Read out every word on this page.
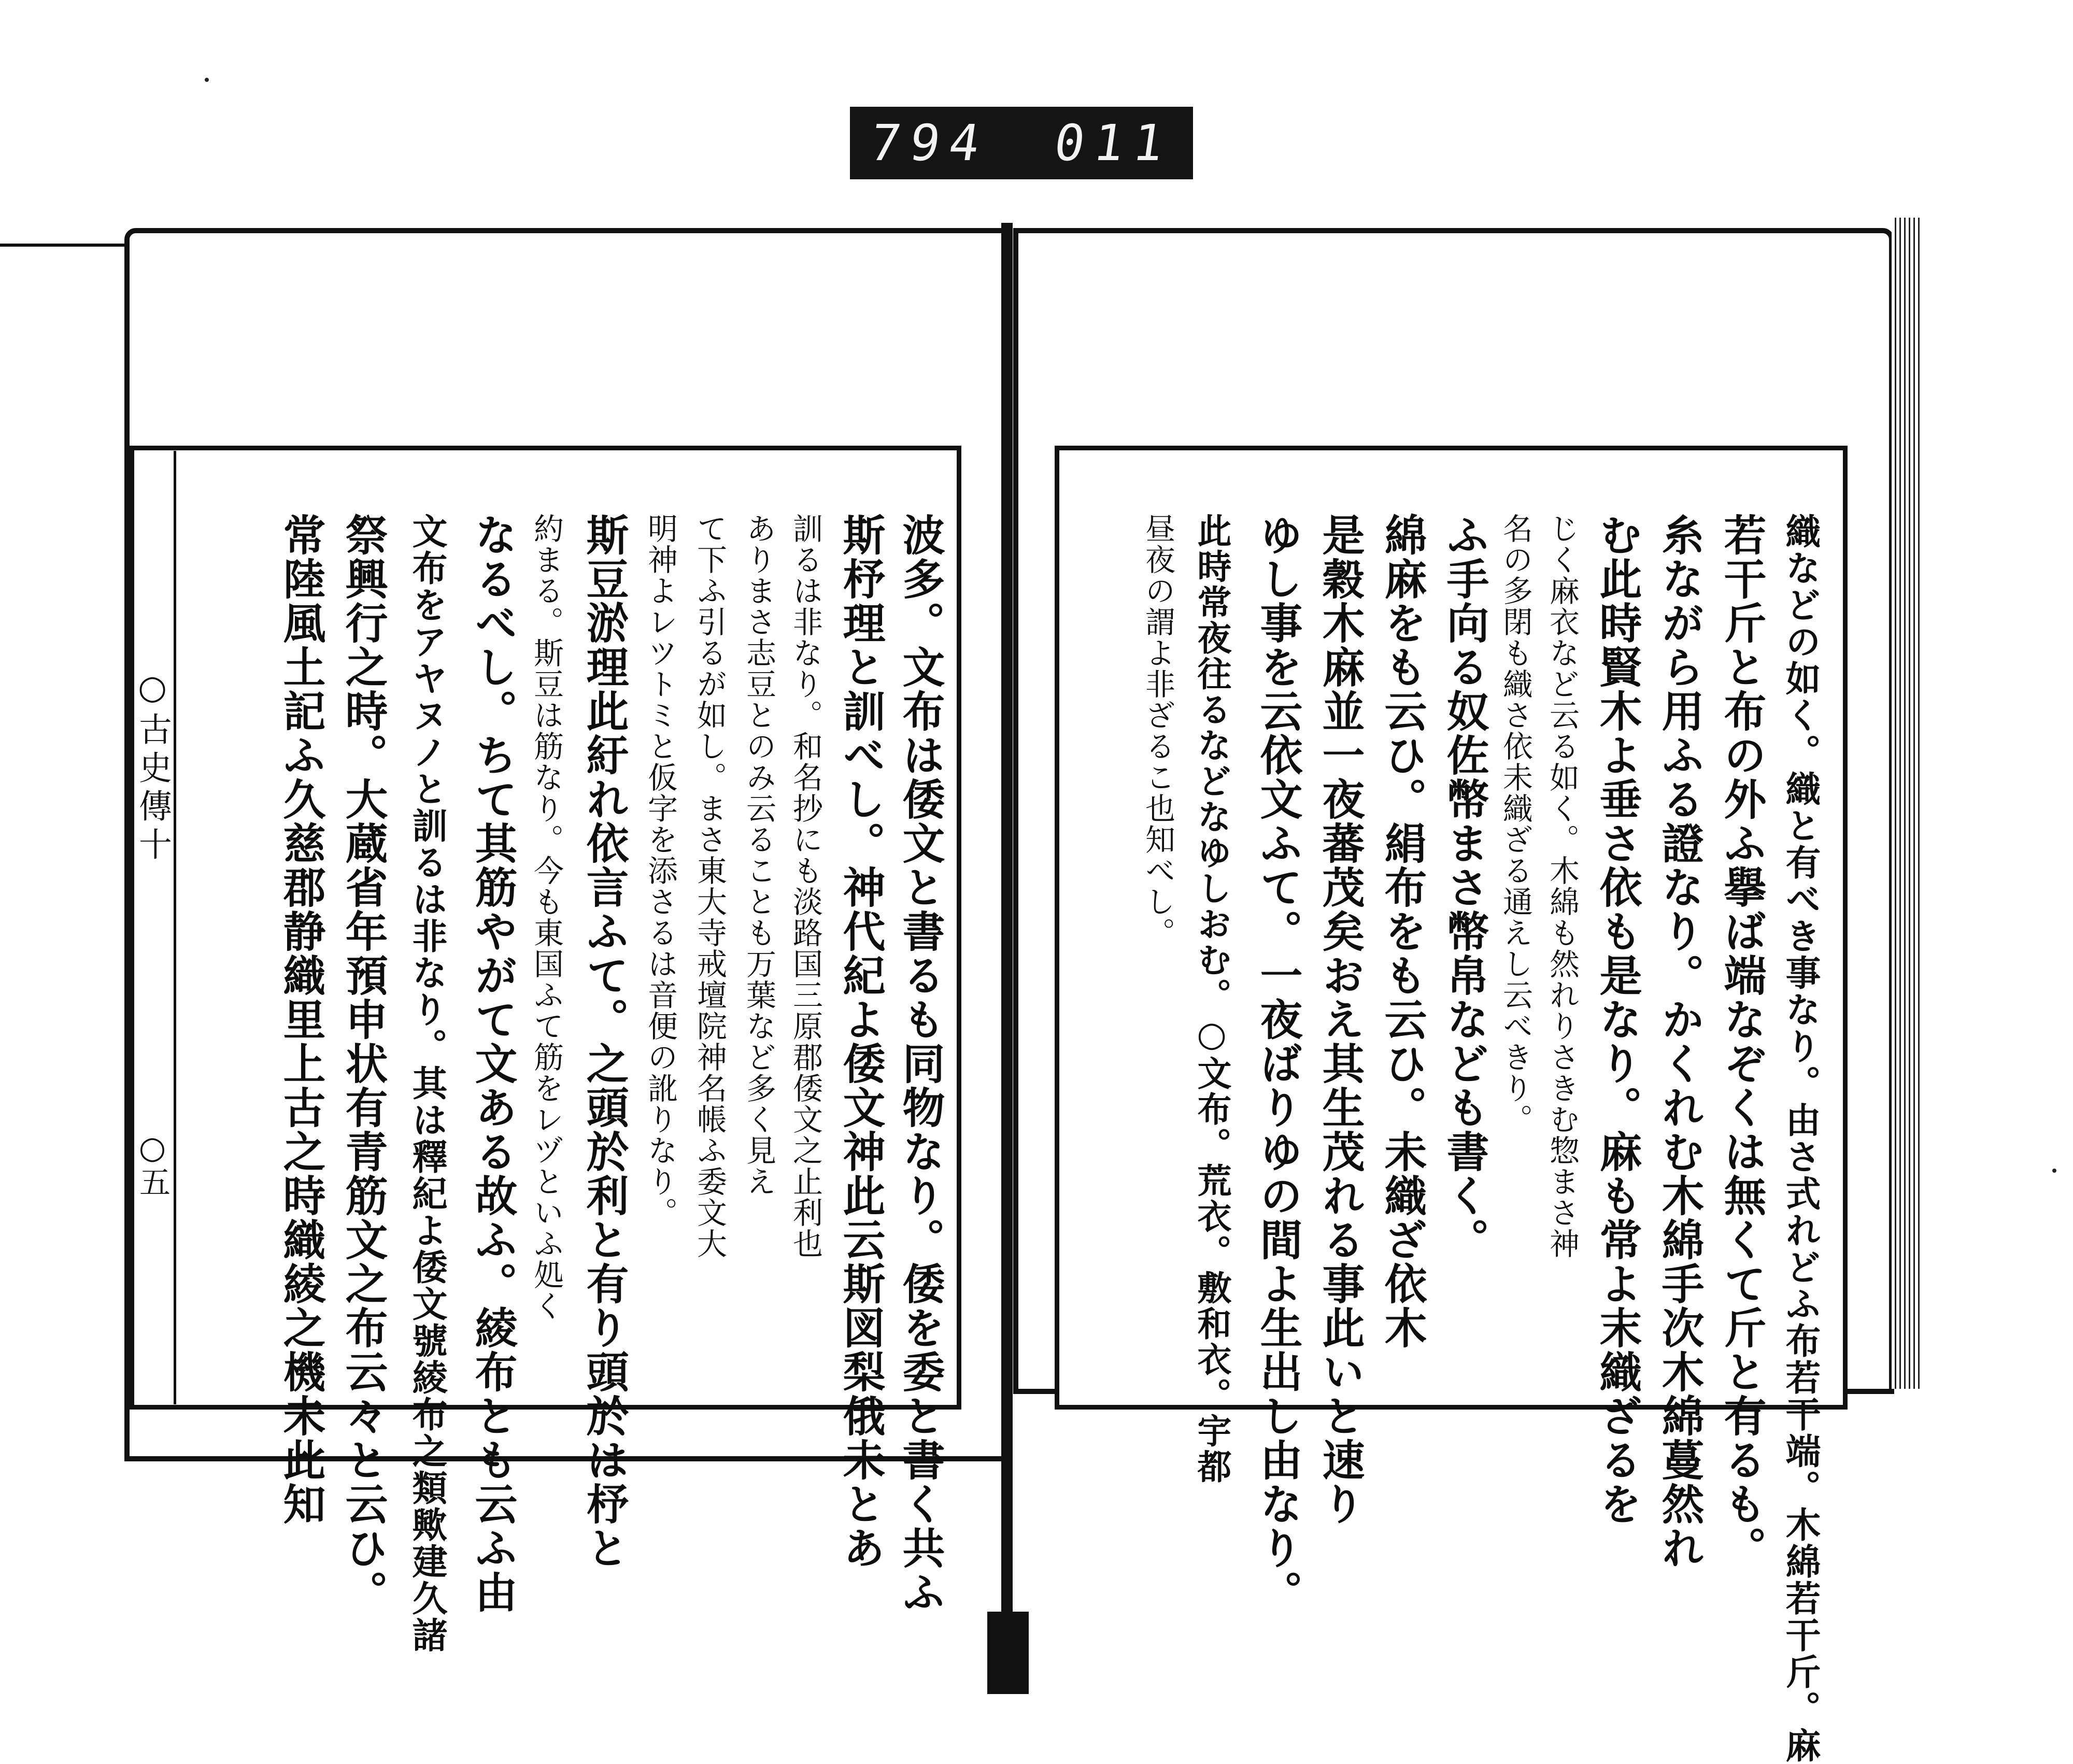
794 011
○古史傳十
○五	波多。文布は倭文と書るも同物なり。倭を委と書く共ふ
斯杼理と訓べし。神代紀よ倭文神此云斯図梨俄未とあ
訓るは非なり。和名抄にも淡路国三原郡倭文之止利也
ありまさ志豆とのみ云ることも万葉など多く見え
て下ふ引るが如し。まさ東大寺戒壇院神名帳ふ委文大
明神よレツトミと仮字を添さるは音便の訛りなり。
斯豆淤理此紆れ依言ふて。之頭於利と有り頭於は杼と
約まる。斯豆は筋なり。今も東国ふて筋をレヅといふ処く
なるべし。ちて其筋やがて文ある故ふ。綾布とも云ふ由
文布をアヤヌノと訓るは非なり。其は釋紀よ倭文號綾布之類歟建久諸
祭興行之時。大蔵省年預申状有青筋文之布云々と云ひ。
常陸風土記ふ久慈郡静織里上古之時織綾之機未此知	織などの如く。織と有べき事なり。由さ式れどふ布若干端。木綿若干斤。麻
若干斤と布の外ふ擧ば端なぞくは無くて斤と有るも。
糸ながら用ふる證なり。かくれむ木綿手次木綿蔓然れ
む此時賢木よ垂さ依も是なり。麻も常よ末織ざるを
じく麻衣など云る如く。木綿も然れりさきむ惣まさ神
名の多閉も織さ依未織ざる通えし云べきり。
ふ手向る奴佐幣まさ幣帛なども書く。
綿麻をも云ひ。絹布をも云ひ。未織ざ依木
是穀木麻並一夜蕃茂矣おえ其生茂れる事此いと速り
ゆし事を云依文ふて。一夜ばりゆの間よ生出し由なり。
此時常夜往るなどなゆしおむ。○文布。荒衣。敷和衣。宇都
昼夜の謂よ非ざるこ也知べし。
